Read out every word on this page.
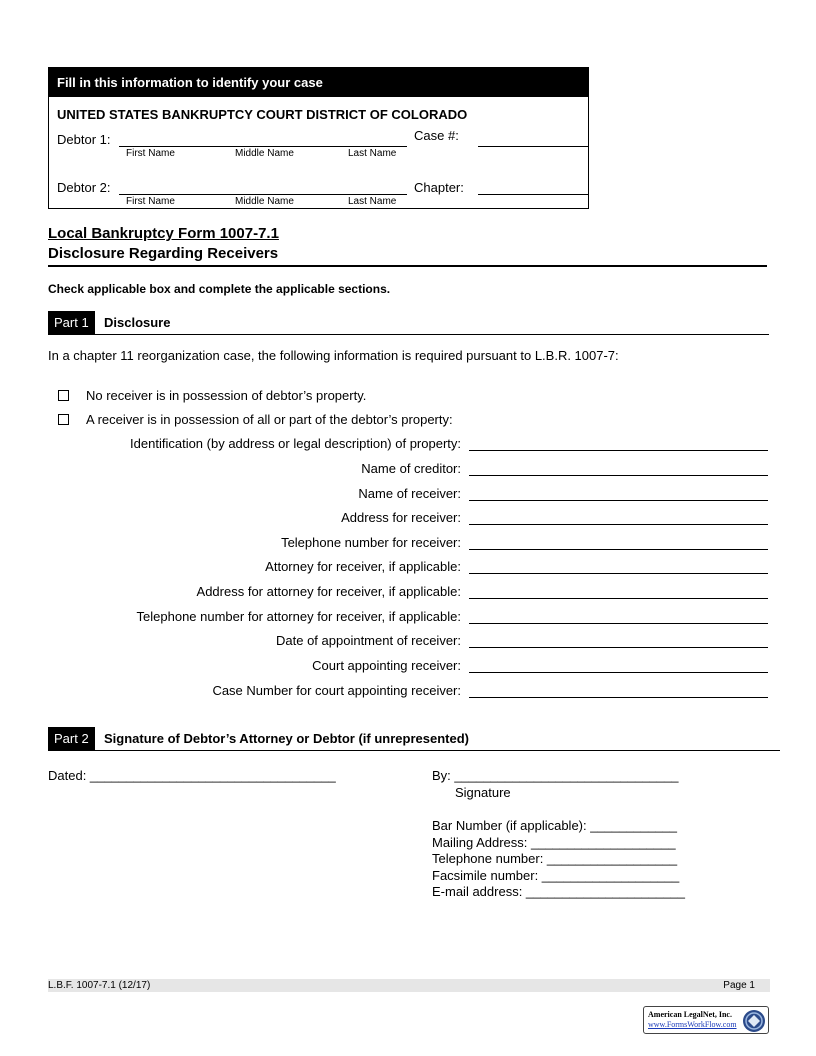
Fill in this information to identify your case
UNITED STATES BANKRUPTCY COURT DISTRICT OF COLORADO
Debtor 1:
First Name	Middle Name	Last Name
Case #:
Debtor 2:
First Name	Middle Name	Last Name
Chapter:
Local Bankruptcy Form 1007-7.1
Disclosure Regarding Receivers
Check applicable box and complete the applicable sections.
Part 1	Disclosure
In a chapter 11 reorganization case, the following information is required pursuant to L.B.R. 1007-7:
No receiver is in possession of debtor’s property.
A receiver is in possession of all or part of the debtor’s property:
Identification (by address or legal description) of property:
Name of creditor:
Name of receiver:
Address for receiver:
Telephone number for receiver:
Attorney for receiver, if applicable:
Address for attorney for receiver, if applicable:
Telephone number for attorney for receiver, if applicable:
Date of appointment of receiver:
Court appointing receiver:
Case Number for court appointing receiver:
Part 2	Signature of Debtor’s Attorney or Debtor (if unrepresented)
Dated: __________________________________	By: _______________________________
Signature
Bar Number (if applicable): ____________
Mailing Address: ____________________
Telephone number: __________________
Facsimile number: ___________________
E-mail address: ______________________
L.B.F. 1007-7.1 (12/17)	Page 1
American LegalNet, Inc.
www.FormsWorkFlow.com
